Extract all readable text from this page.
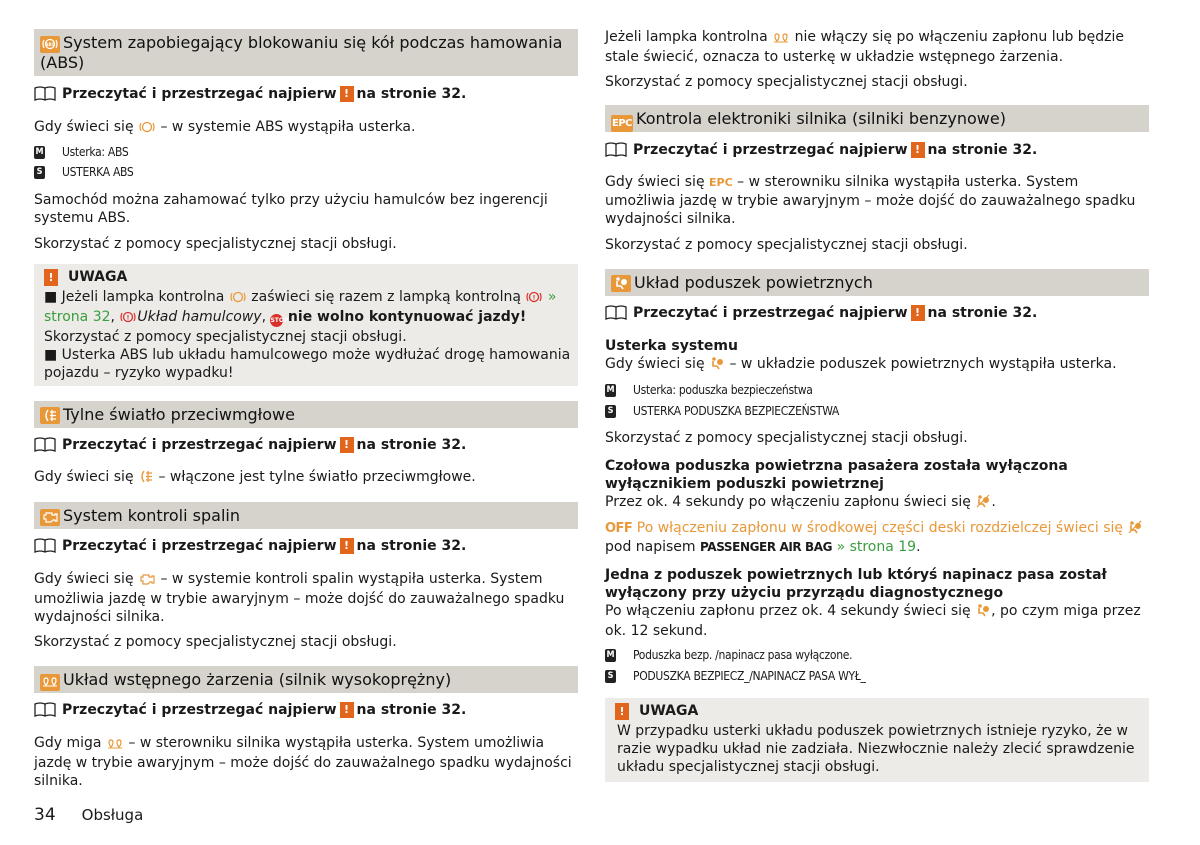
ABS System zapobiegający blokowaniu się kół podczas hamowania (ABS)
Przeczytać i przestrzegać najpierw ! na stronie 32.
Gdy świeci się – w systemie ABS wystąpiła usterka.
M Usterka: ABS
S USTERKA ABS
Samochód można zahamować tylko przy użyciu hamulców bez ingerencji systemu ABS.
Skorzystać z pomocy specjalistycznej stacji obsługi.
!	UWAGA
■ Jeżeli lampka kontrolna zaświeci się razem z lampką kontrolną ! » strona 32, ! Układ hamulcowy, STOP nie wolno kontynuować jazdy! Skorzystać z pomocy specjalistycznej stacji obsługi.
■ Usterka ABS lub układu hamulcowego może wydłużać drogę hamowania pojazdu – ryzyko wypadku!
Tylne światło przeciwmgłowe
Przeczytać i przestrzegać najpierw ! na stronie 32.
Gdy świeci się – włączone jest tylne światło przeciwmgłowe.
System kontroli spalin
Przeczytać i przestrzegać najpierw ! na stronie 32.
Gdy świeci się – w systemie kontroli spalin wystąpiła usterka. System umożliwia jazdę w trybie awaryjnym – może dojść do zauważalnego spadku wydajności silnika.
Skorzystać z pomocy specjalistycznej stacji obsługi.
Układ wstępnego żarzenia (silnik wysokoprężny)
Przeczytać i przestrzegać najpierw ! na stronie 32.
Gdy miga – w sterowniku silnika wystąpiła usterka. System umożliwia jazdę w trybie awaryjnym – może dojść do zauważalnego spadku wydajności silnika.
Jeżeli lampka kontrolna nie włączy się po włączeniu zapłonu lub będzie stale świecić, oznacza to usterkę w układzie wstępnego żarzenia.
Skorzystać z pomocy specjalistycznej stacji obsługi.
EPC Kontrola elektroniki silnika (silniki benzynowe)
Przeczytać i przestrzegać najpierw ! na stronie 32.
Gdy świeci się EPC – w sterowniku silnika wystąpiła usterka. System umożliwia jazdę w trybie awaryjnym – może dojść do zauważalnego spadku wydajności silnika.
Skorzystać z pomocy specjalistycznej stacji obsługi.
Układ poduszek powietrznych
Przeczytać i przestrzegać najpierw ! na stronie 32.
Usterka systemu
Gdy świeci się – w układzie poduszek powietrznych wystąpiła usterka.
M Usterka: poduszka bezpieczeństwa
S USTERKA PODUSZKA BEZPIECZEŃSTWA
Skorzystać z pomocy specjalistycznej stacji obsługi.
Czołowa poduszka powietrzna pasażera została wyłączona wyłącznikiem poduszki powietrznej
Przez ok. 4 sekundy po włączeniu zapłonu świeci się .
OFF Po włączeniu zapłonu w środkowej części deski rozdzielczej świeci się
pod napisem PASSENGER AIR BAG » strona 19.
Jedna z poduszek powietrznych lub któryś napinacz pasa został wyłączony przy użyciu przyrządu diagnostycznego
Po włączeniu zapłonu przez ok. 4 sekundy świeci się , po czym miga przez ok. 12 sekund.
M Poduszka bezp. /napinacz pasa wyłączone.
S PODUSZKA BEZPIECZ_/NAPINACZ PASA WYŁ_
!	UWAGA
W przypadku usterki układu poduszek powietrznych istnieje ryzyko, że w razie wypadku układ nie zadziała. Niezwłocznie należy zlecić sprawdzenie układu specjalistycznej stacji obsługi.
34 Obsługa
